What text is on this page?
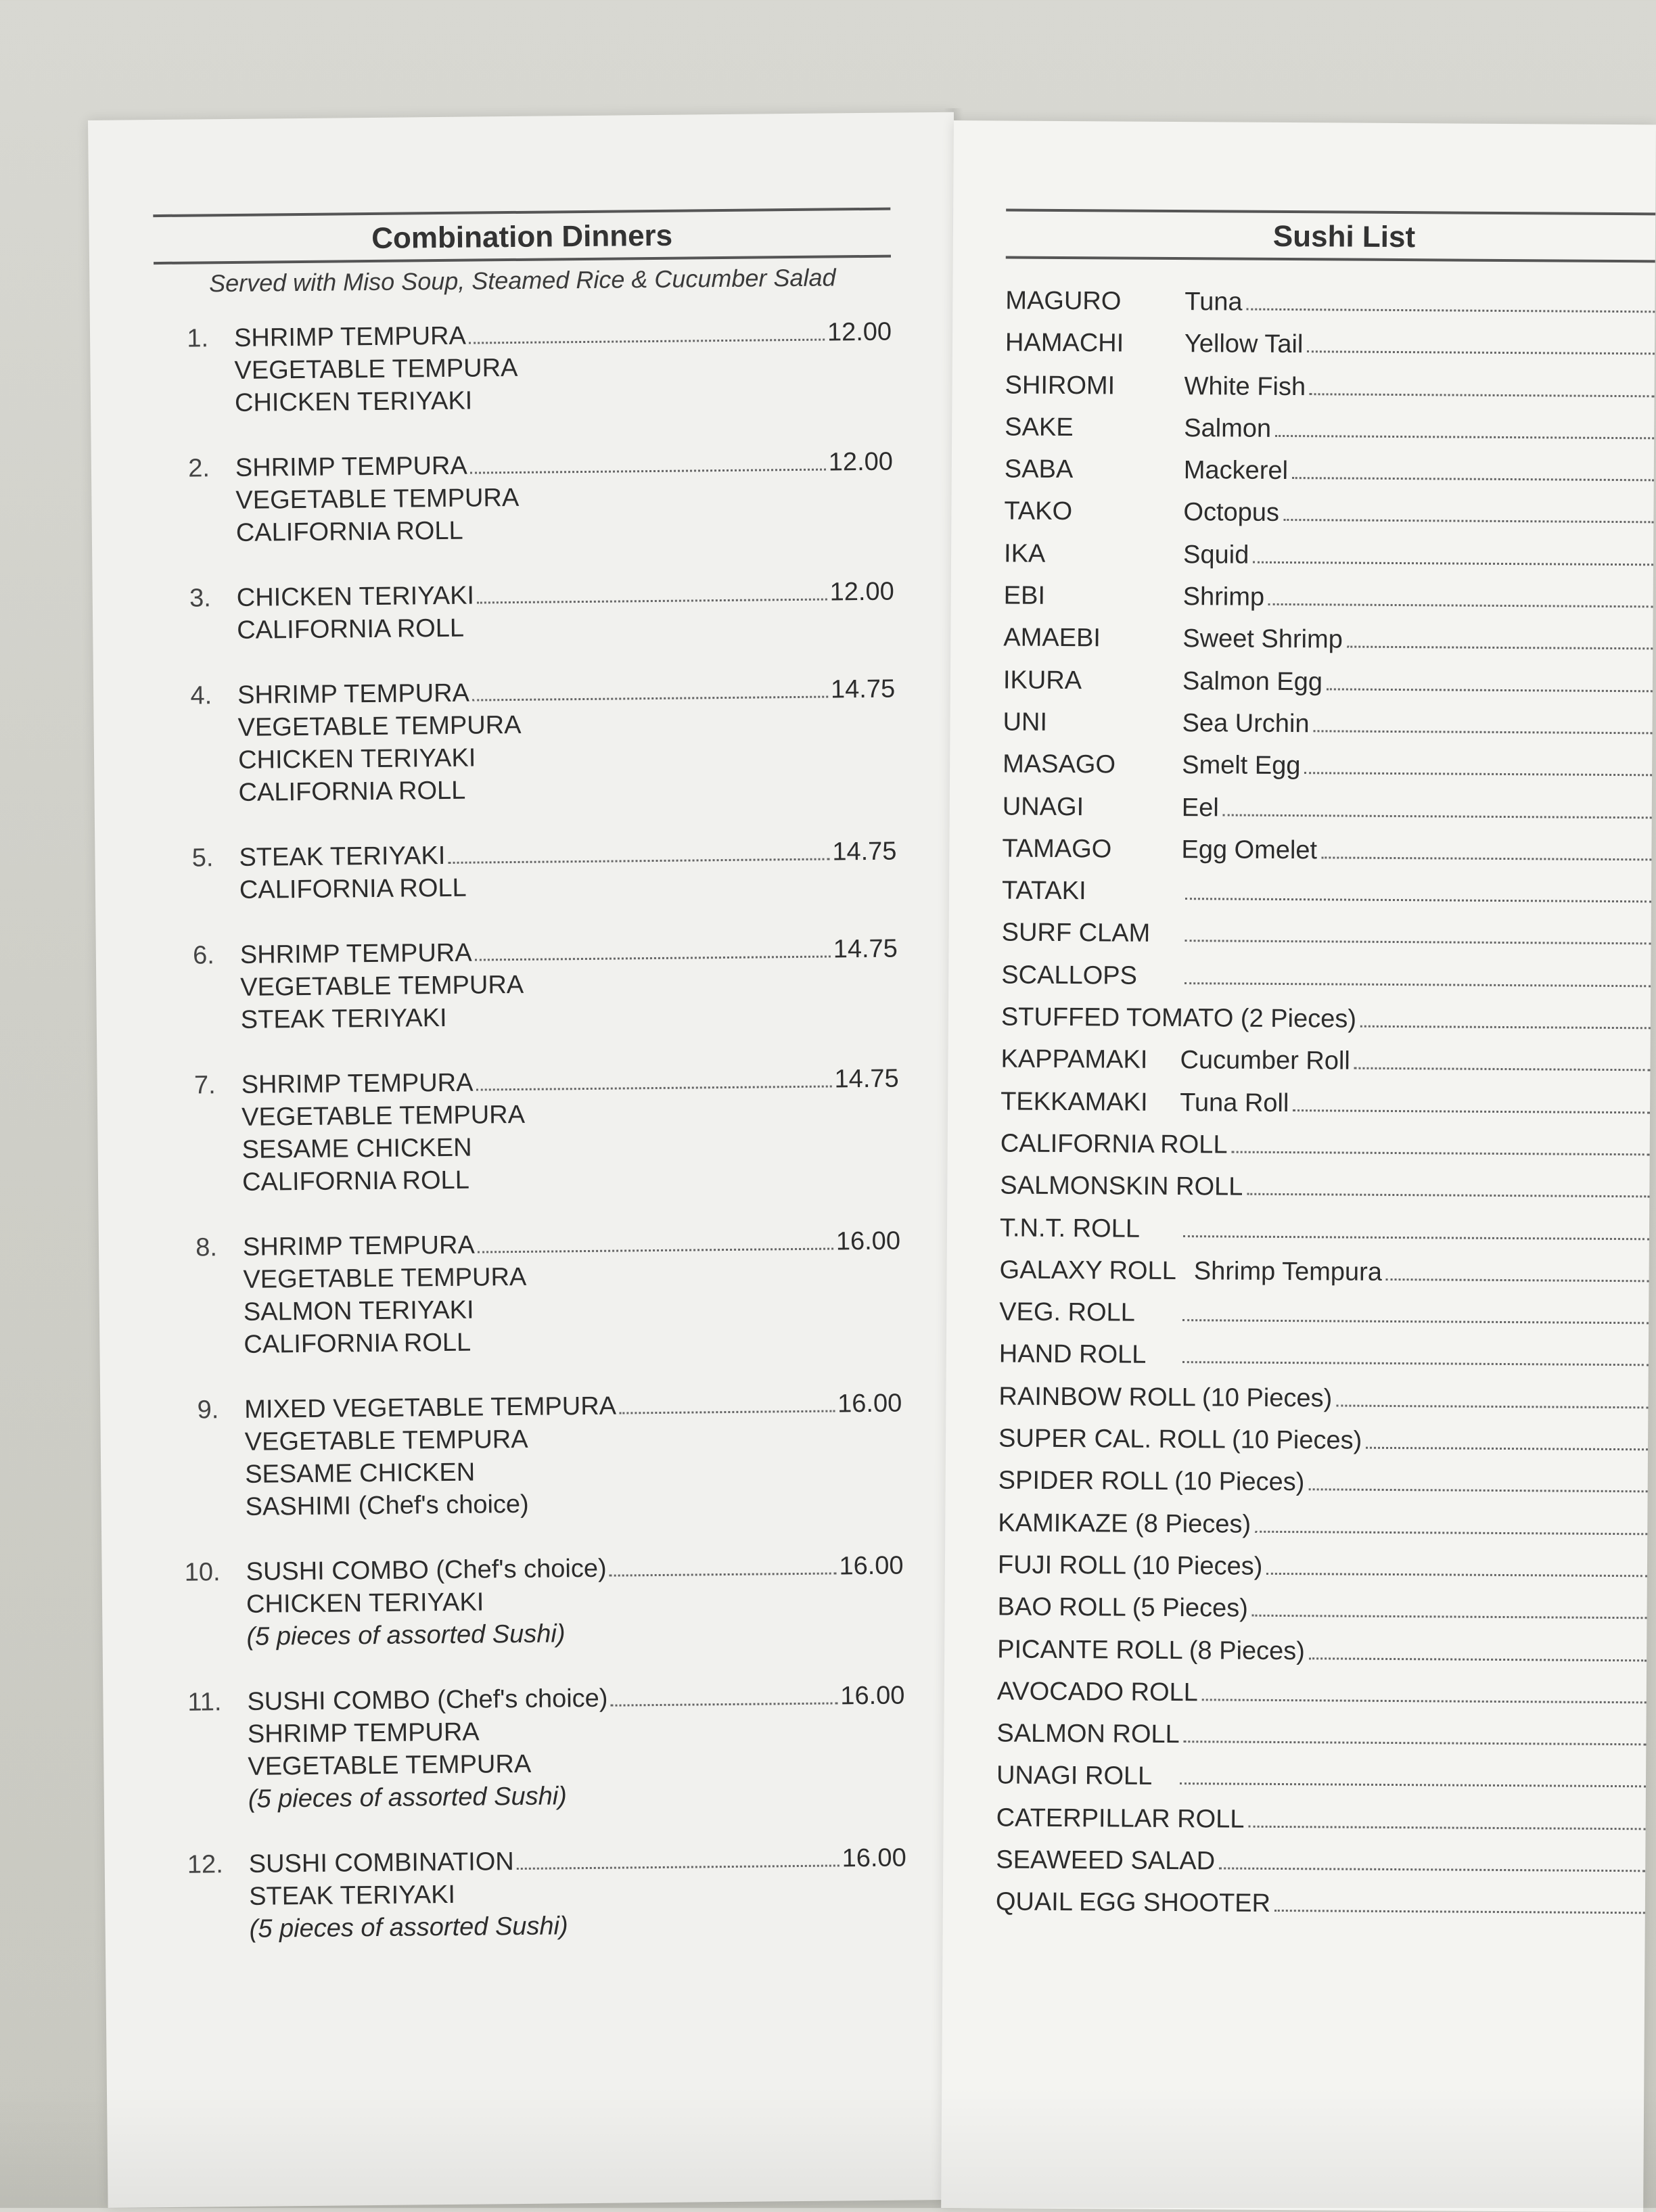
Combination Dinners
Served with Miso Soup, Steamed Rice & Cucumber Salad
1. SHRIMP TEMPURA	12.00
VEGETABLE TEMPURA
CHICKEN TERIYAKI
2. SHRIMP TEMPURA	12.00
VEGETABLE TEMPURA
CALIFORNIA ROLL
3. CHICKEN TERIYAKI	12.00
CALIFORNIA ROLL
4. SHRIMP TEMPURA	14.75
VEGETABLE TEMPURA
CHICKEN TERIYAKI
CALIFORNIA ROLL
5. STEAK TERIYAKI	14.75
CALIFORNIA ROLL
6. SHRIMP TEMPURA	14.75
VEGETABLE TEMPURA
STEAK TERIYAKI
7. SHRIMP TEMPURA	14.75
VEGETABLE TEMPURA
SESAME CHICKEN
CALIFORNIA ROLL
8. SHRIMP TEMPURA	16.00
VEGETABLE TEMPURA
SALMON TERIYAKI
CALIFORNIA ROLL
9. MIXED VEGETABLE TEMPURA	16.00
VEGETABLE TEMPURA
SESAME CHICKEN
SASHIMI (Chef's choice)
10. SUSHI COMBO (Chef's choice)	16.00
CHICKEN TERIYAKI
(5 pieces of assorted Sushi)
11. SUSHI COMBO (Chef's choice)	16.00
SHRIMP TEMPURA
VEGETABLE TEMPURA
(5 pieces of assorted Sushi)
12. SUSHI COMBINATION	16.00
STEAK TERIYAKI
(5 pieces of assorted Sushi)
Sushi List
MAGURO	Tuna
HAMACHI	Yellow Tail
SHIROMI	White Fish
SAKE	Salmon
SABA	Mackerel
TAKO	Octopus
IKA	Squid
EBI	Shrimp
AMAEBI	Sweet Shrimp
IKURA	Salmon Egg
UNI	Sea Urchin
MASAGO	Smelt Egg
UNAGI	Eel
TAMAGO	Egg Omelet
TATAKI
SURF CLAM
SCALLOPS
STUFFED TOMATO (2 Pieces)
KAPPAMAKI	Cucumber Roll
TEKKAMAKI	Tuna Roll
CALIFORNIA ROLL
SALMONSKIN ROLL
T.N.T. ROLL
GALAXY ROLL Shrimp Tempura
VEG. ROLL
HAND ROLL
RAINBOW ROLL (10 Pieces)
SUPER CAL. ROLL (10 Pieces)
SPIDER ROLL (10 Pieces)
KAMIKAZE (8 Pieces)
FUJI ROLL (10 Pieces)
BAO ROLL (5 Pieces)
PICANTE ROLL (8 Pieces)
AVOCADO ROLL
SALMON ROLL
UNAGI ROLL
CATERPILLAR ROLL
SEAWEED SALAD
QUAIL EGG SHOOTER
